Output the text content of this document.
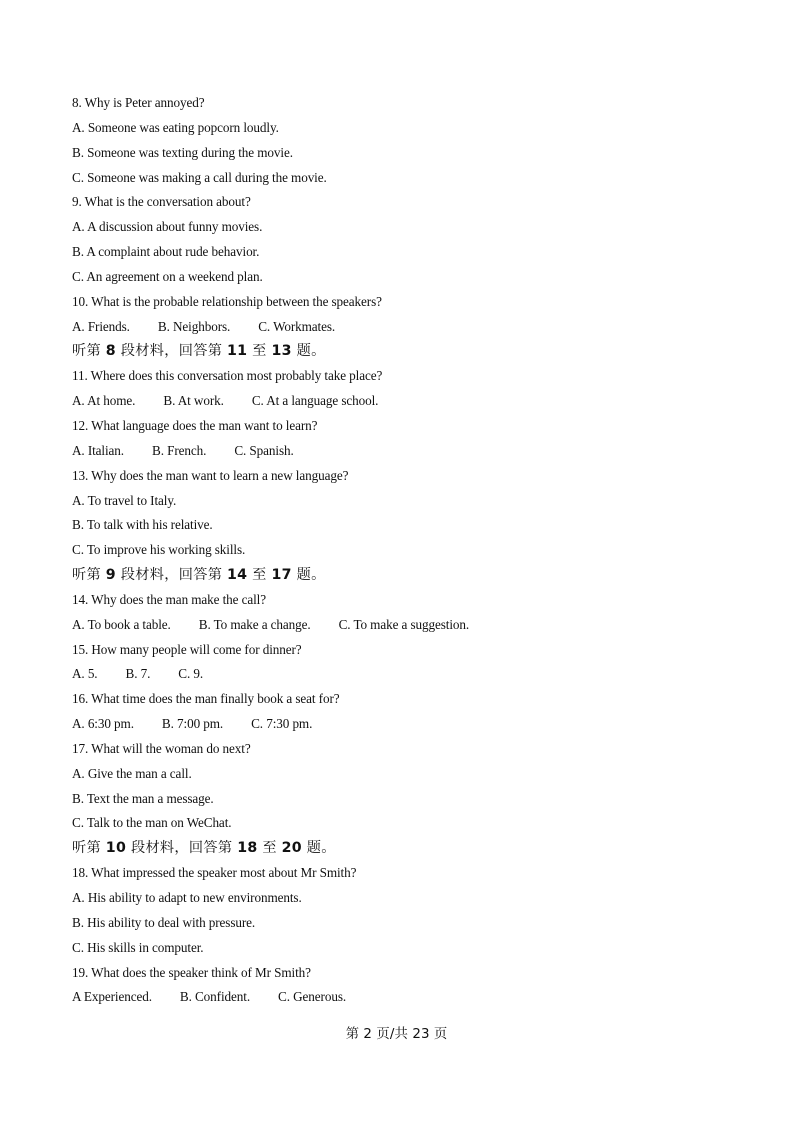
8. Why is Peter annoyed?
A. Someone was eating popcorn loudly.
B. Someone was texting during the movie.
C. Someone was making a call during the movie.
9. What is the conversation about?
A. A discussion about funny movies.
B. A complaint about rude behavior.
C. An agreement on a weekend plan.
10. What is the probable relationship between the speakers?
A. Friends. B. Neighbors. C. Workmates.
听第 8 段材料，回答第 11 至 13 题。
11. Where does this conversation most probably take place?
A. At home. B. At work. C. At a language school.
12. What language does the man want to learn?
A. Italian. B. French. C. Spanish.
13. Why does the man want to learn a new language?
A. To travel to Italy.
B. To talk with his relative.
C. To improve his working skills.
听第 9 段材料，回答第 14 至 17 题。
14. Why does the man make the call?
A. To book a table. B. To make a change. C. To make a suggestion.
15. How many people will come for dinner?
A. 5. B. 7. C. 9.
16. What time does the man finally book a seat for?
A. 6:30 pm. B. 7:00 pm. C. 7:30 pm.
17. What will the woman do next?
A. Give the man a call.
B. Text the man a message.
C. Talk to the man on WeChat.
听第 10 段材料，回答第 18 至 20 题。
18. What impressed the speaker most about Mr Smith?
A. His ability to adapt to new environments.
B. His ability to deal with pressure.
C. His skills in computer.
19. What does the speaker think of Mr Smith?
A Experienced. B. Confident. C. Generous.
第 2 页/共 23 页
